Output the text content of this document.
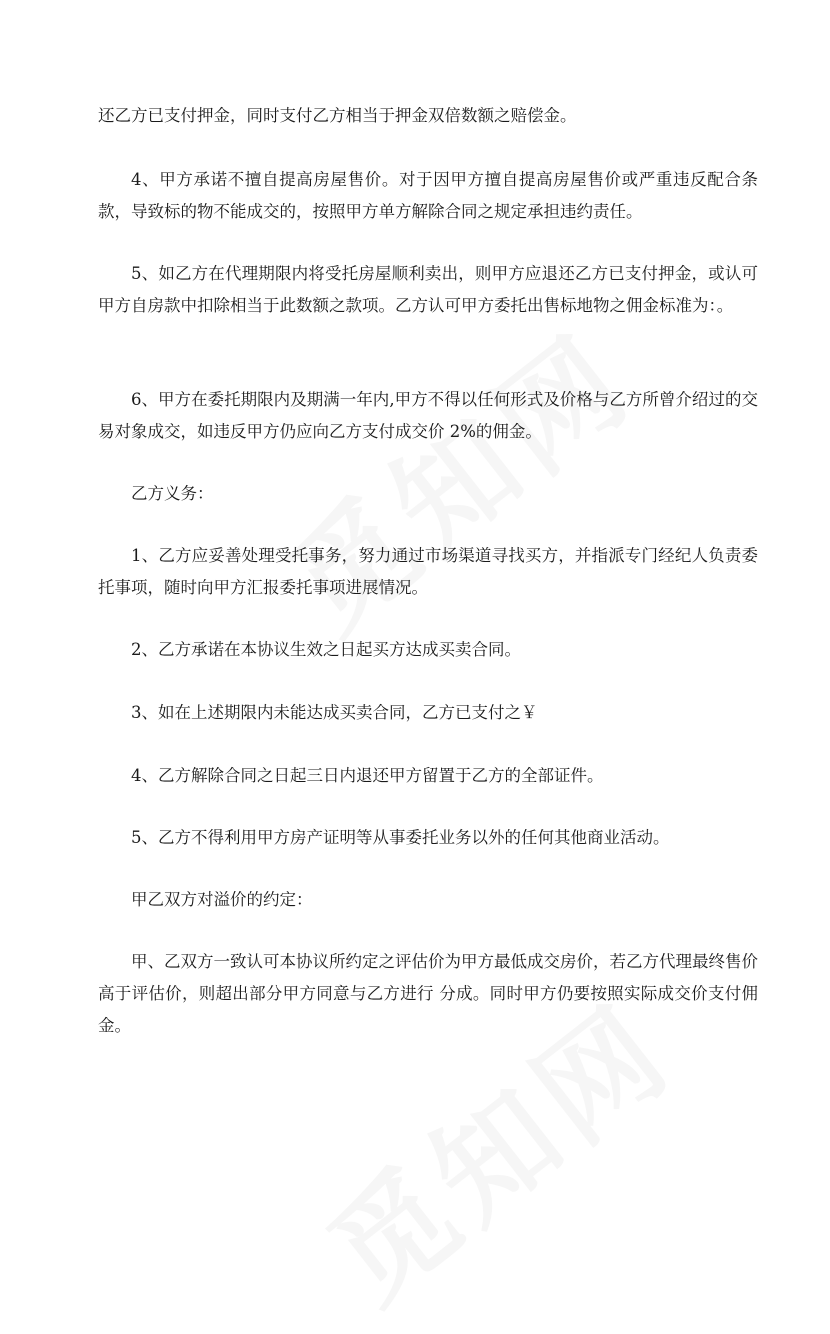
还乙方已支付押金，同时支付乙方相当于押金双倍数额之赔偿金。

4、甲方承诺不擅自提高房屋售价。对于因甲方擅自提高房屋售价或严重违反配合条款，导致标的物不能成交的，按照甲方单方解除合同之规定承担违约责任。

5、如乙方在代理期限内将受托房屋顺利卖出，则甲方应退还乙方已支付押金，或认可甲方自房款中扣除相当于此数额之款项。乙方认可甲方委托出售标地物之佣金标准为：。

6、甲方在委托期限内及期满一年内,甲方不得以任何形式及价格与乙方所曾介绍过的交易对象成交，如违反甲方仍应向乙方支付成交价 2%的佣金。

乙方义务：

1、乙方应妥善处理受托事务，努力通过市场渠道寻找买方，并指派专门经纪人负责委托事项，随时向甲方汇报委托事项进展情况。

2、乙方承诺在本协议生效之日起买方达成买卖合同。

3、如在上述期限内未能达成买卖合同，乙方已支付之￥

4、乙方解除合同之日起三日内退还甲方留置于乙方的全部证件。

5、乙方不得利用甲方房产证明等从事委托业务以外的任何其他商业活动。

甲乙双方对溢价的约定：

甲、乙双方一致认可本协议所约定之评估价为甲方最低成交房价，若乙方代理最终售价高于评估价，则超出部分甲方同意与乙方进行 分成。同时甲方仍要按照实际成交价支付佣金。
